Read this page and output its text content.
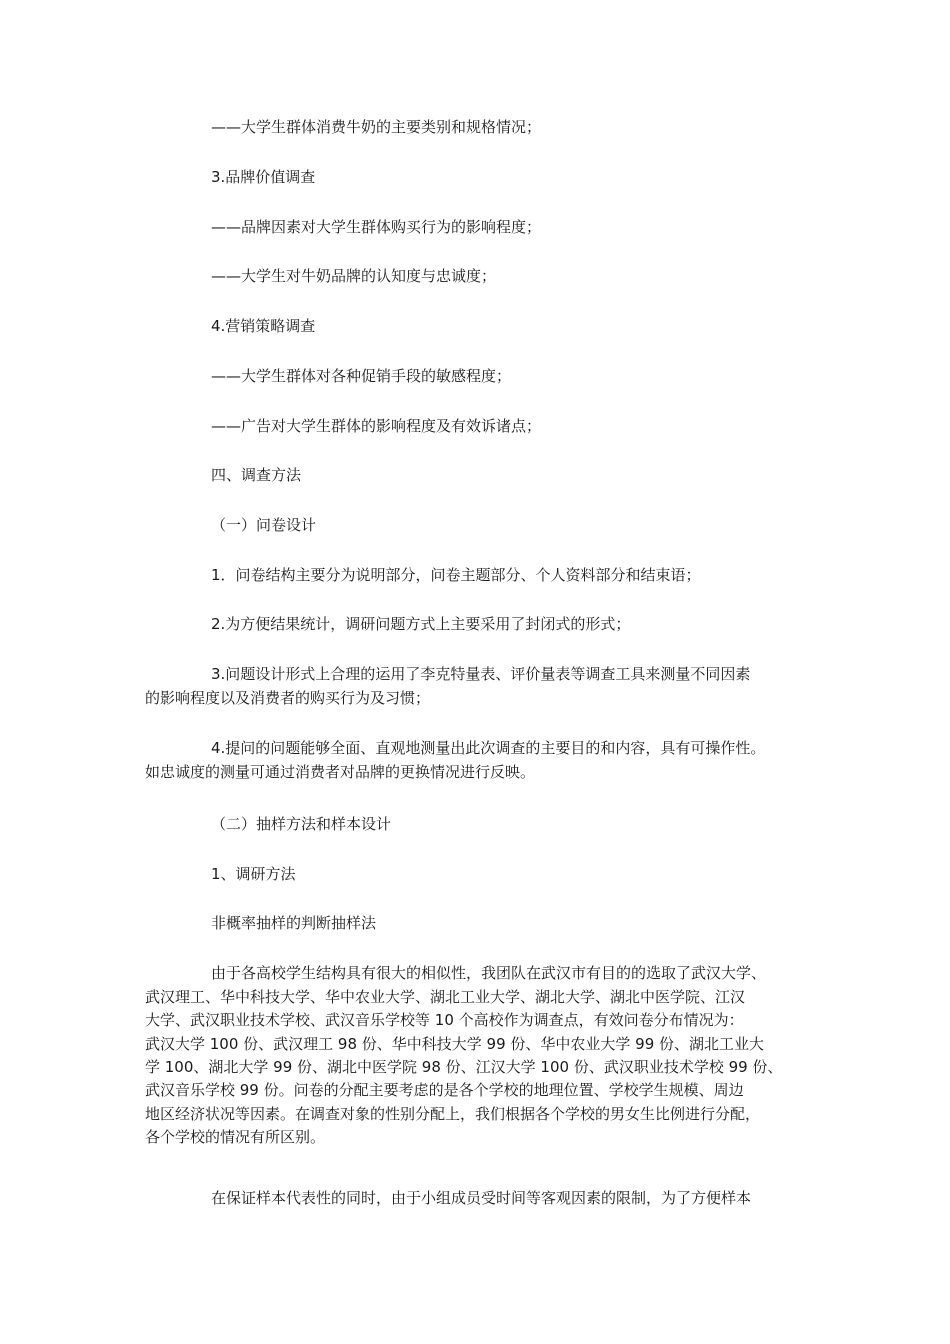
——大学生群体消费牛奶的主要类别和规格情况；
3.品牌价值调查
——品牌因素对大学生群体购买行为的影响程度；
——大学生对牛奶品牌的认知度与忠诚度；
4.营销策略调查
——大学生群体对各种促销手段的敏感程度；
——广告对大学生群体的影响程度及有效诉诸点；
四、调查方法
（一）问卷设计
1．问卷结构主要分为说明部分，问卷主题部分、个人资料部分和结束语；
2.为方便结果统计，调研问题方式上主要采用了封闭式的形式；
3.问题设计形式上合理的运用了李克特量表、评价量表等调查工具来测量不同因素
的影响程度以及消费者的购买行为及习惯；
4.提问的问题能够全面、直观地测量出此次调查的主要目的和内容，具有可操作性。
如忠诚度的测量可通过消费者对品牌的更换情况进行反映。
（二）抽样方法和样本设计
1、调研方法
非概率抽样的判断抽样法
由于各高校学生结构具有很大的相似性，我团队在武汉市有目的的选取了武汉大学、
武汉理工、华中科技大学、华中农业大学、湖北工业大学、湖北大学、湖北中医学院、江汉
大学、武汉职业技术学校、武汉音乐学校等 10 个高校作为调查点，有效问卷分布情况为：
武汉大学 100 份、武汉理工 98 份、华中科技大学 99 份、华中农业大学 99 份、湖北工业大
学 100、湖北大学 99 份、湖北中医学院 98 份、江汉大学 100 份、武汉职业技术学校 99 份、
武汉音乐学校 99 份。问卷的分配主要考虑的是各个学校的地理位置、学校学生规模、周边
地区经济状况等因素。在调查对象的性别分配上，我们根据各个学校的男女生比例进行分配，
各个学校的情况有所区别。
在保证样本代表性的同时，由于小组成员受时间等客观因素的限制，为了方便样本
